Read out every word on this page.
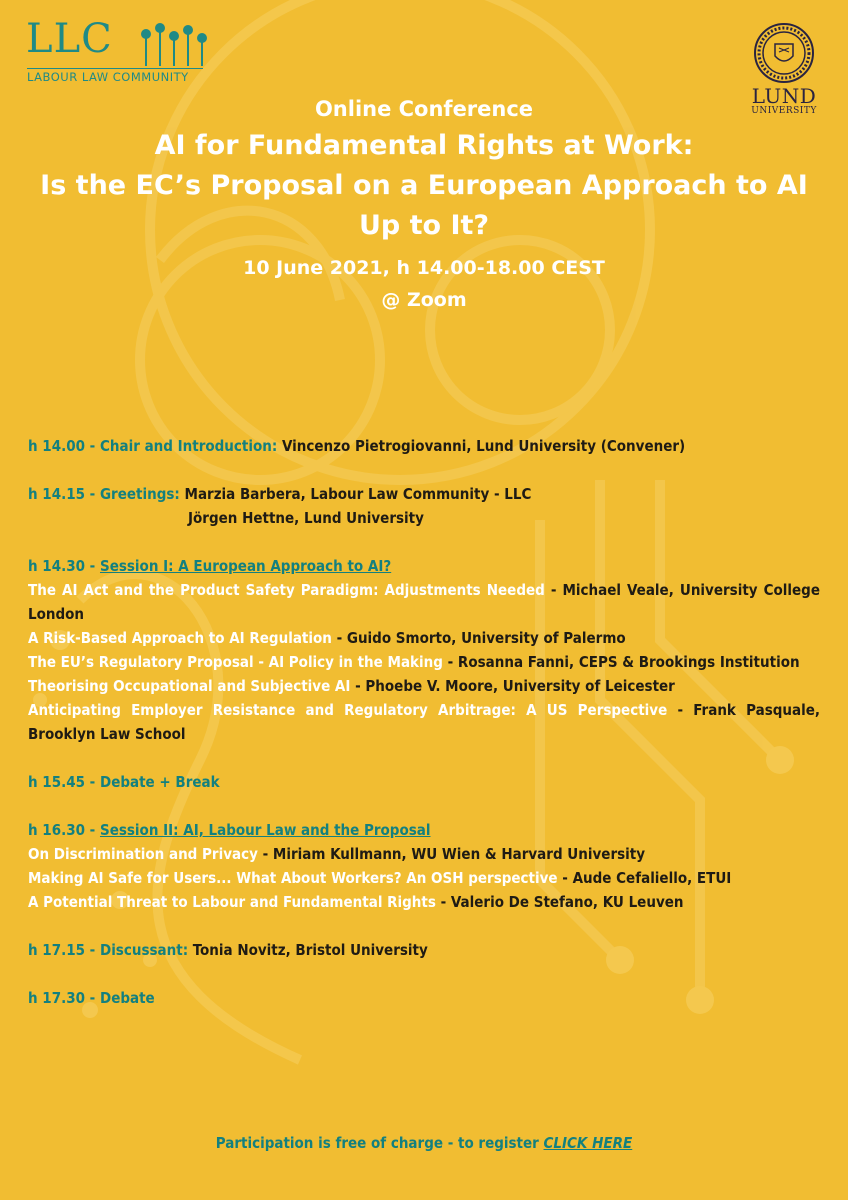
LLC
LABOUR LAW COMMUNITY
LUND
UNIVERSITY
Online Conference
AI for Fundamental Rights at Work:
Is the EC’s Proposal on a European Approach to AI
Up to It?
10 June 2021, h 14.00-18.00 CEST
@ Zoom
h 14.00 - Chair and Introduction: Vincenzo Pietrogiovanni, Lund University (Convener)
h 14.15 - Greetings: Marzia Barbera, Labour Law Community - LLC
Jörgen Hettne, Lund University
h 14.30 - Session I: A European Approach to AI?
The AI Act and the Product Safety Paradigm: Adjustments Needed - Michael Veale, University College London
A Risk-Based Approach to AI Regulation - Guido Smorto, University of Palermo
The EU’s Regulatory Proposal - AI Policy in the Making - Rosanna Fanni, CEPS & Brookings Institution
Theorising Occupational and Subjective AI - Phoebe V. Moore, University of Leicester
Anticipating Employer Resistance and Regulatory Arbitrage: A US Perspective - Frank Pasquale, Brooklyn Law School
h 15.45 - Debate + Break
h 16.30 - Session II: AI, Labour Law and the Proposal
On Discrimination and Privacy - Miriam Kullmann, WU Wien & Harvard University
Making AI Safe for Users... What About Workers? An OSH perspective - Aude Cefaliello, ETUI
A Potential Threat to Labour and Fundamental Rights - Valerio De Stefano, KU Leuven
h 17.15 - Discussant: Tonia Novitz, Bristol University
h 17.30 - Debate
Participation is free of charge - to register CLICK HERE
